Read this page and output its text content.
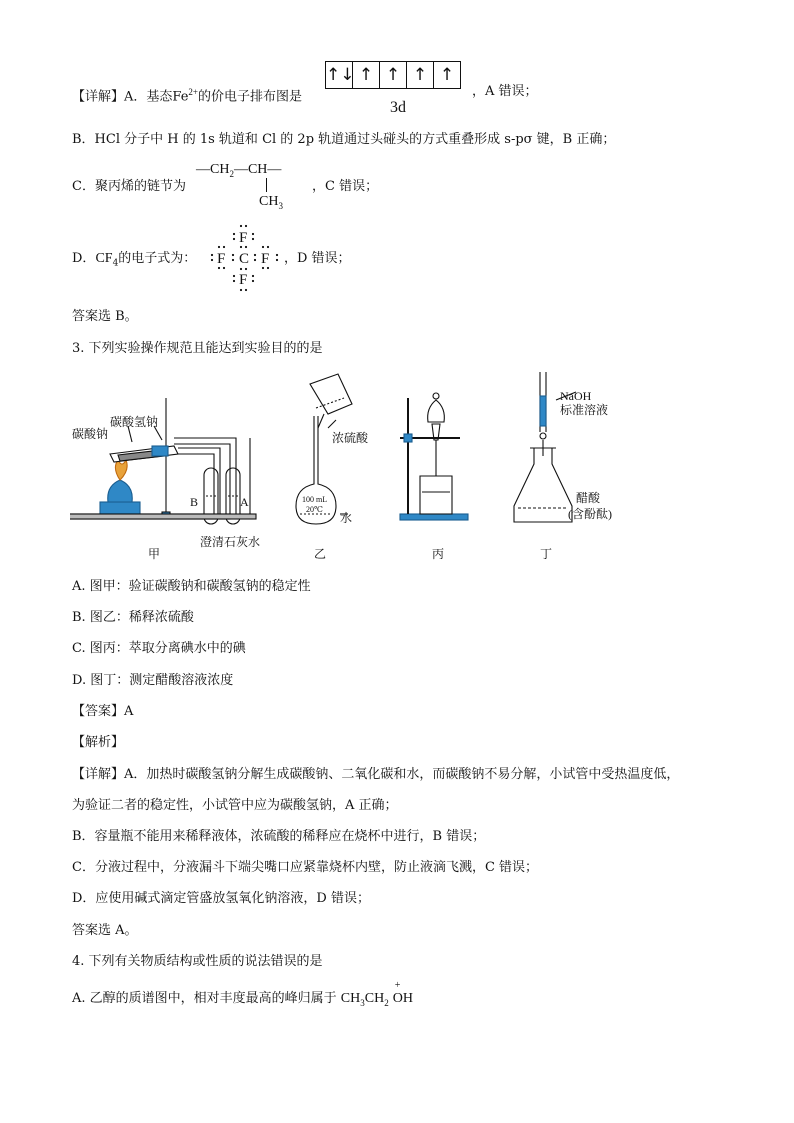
【详解】A．基态$Fe^{2+}$的价电子排布图是
↑↓ ↑ ↑ ↑ ↑
3d
，A 错误；
B．HCl 分子中 H 的 1s 轨道和 Cl 的 2p 轨道通过头碰头的方式重叠形成 s-pσ 键，B 正确；
C．聚丙烯的链节为
$—CH_2—CH—$
$CH_3$
，C 错误；
D．$CF_4$的电子式为：
F
F C F
F
，D 错误；
答案选 B。
3. 下列实验操作规范且能达到实验目的的是
碳酸氢钠
碳酸钠
B	A
澄清石灰水
甲
浓硫酸
100 mL
20℃
水
乙	丙
NaOH
标准溶液
醋酸
(含酚酞)
丁
A. 图甲：验证碳酸钠和碳酸氢钠的稳定性
B. 图乙：稀释浓硫酸
C. 图丙：萃取分离碘水中的碘
D. 图丁：测定醋酸溶液浓度
【答案】A
【解析】
【详解】A．加热时碳酸氢钠分解生成碳酸钠、二氧化碳和水，而碳酸钠不易分解，小试管中受热温度低，
为验证二者的稳定性，小试管中应为碳酸氢钠，A 正确；
B．容量瓶不能用来稀释液体，浓硫酸的稀释应在烧杯中进行，B 错误；
C．分液过程中，分液漏斗下端尖嘴口应紧靠烧杯内壁，防止液滴飞溅，C 错误；
D．应使用碱式滴定管盛放氢氧化钠溶液，D 错误；
答案选 A。
4. 下列有关物质结构或性质的说法错误的是
A. 乙醇的质谱图中，相对丰度最高的峰归属于 $CH_3CH_2$
+
OH
